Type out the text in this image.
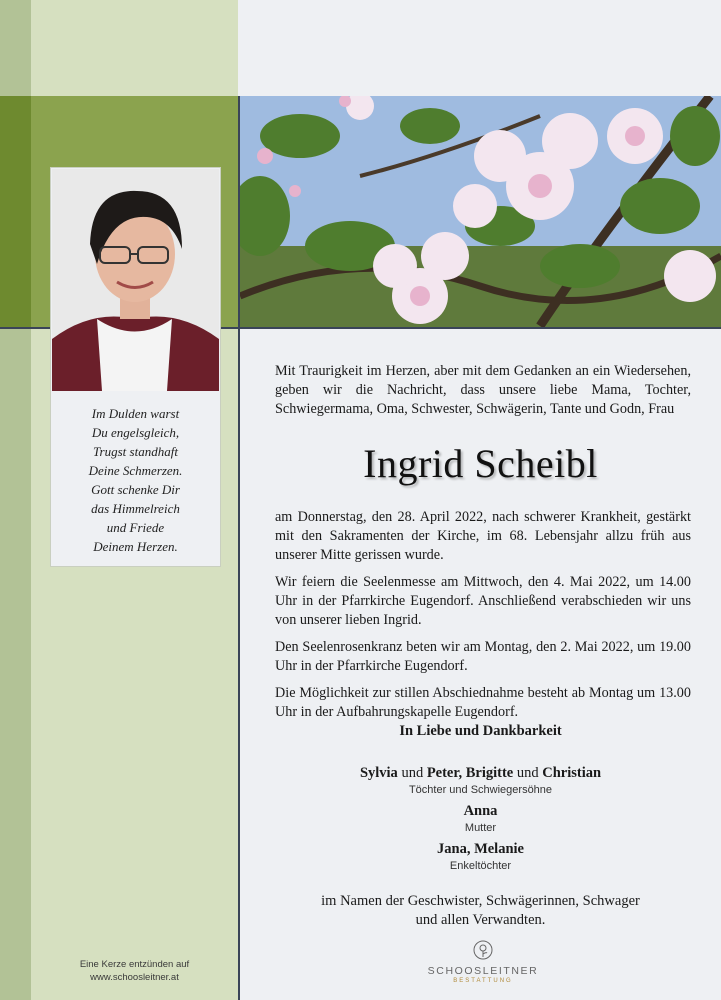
Im Dulden warst
Du engelsgleich,
Trugst standhaft
Deine Schmerzen.
Gott schenke Dir
das Himmelreich
und Friede
Deinem Herzen.

Mit Traurigkeit im Herzen, aber mit dem Gedanken an ein Wiedersehen, geben wir die Nachricht, dass unsere liebe Mama, Tochter, Schwiegermama, Oma, Schwester, Schwägerin, Tante und Godn, Frau

Ingrid Scheibl

am Donnerstag, den 28. April 2022, nach schwerer Krankheit, gestärkt mit den Sakramenten der Kirche, im 68. Lebensjahr allzu früh aus unserer Mitte gerissen wurde.

Wir feiern die Seelenmesse am Mittwoch, den 4. Mai 2022, um 14.00 Uhr in der Pfarrkirche Eugendorf. Anschließend verabschieden wir uns von unserer lieben Ingrid.

Den Seelenrosenkranz beten wir am Montag, den 2. Mai 2022, um 19.00 Uhr in der Pfarrkirche Eugendorf.

Die Möglichkeit zur stillen Abschiednahme besteht ab Montag um 13.00 Uhr in der Aufbahrungskapelle Eugendorf.

In Liebe und Dankbarkeit
Sylvia und Peter, Brigitte und Christian
Töchter und Schwiegersöhne
Anna
Mutter
Jana, Melanie
Enkeltöchter
im Namen der Geschwister, Schwägerinnen, Schwager
und allen Verwandten.
Eine Kerze entzünden auf
www.schoosleitner.at
SCHOOSLEITNER
BESTATTUNG
